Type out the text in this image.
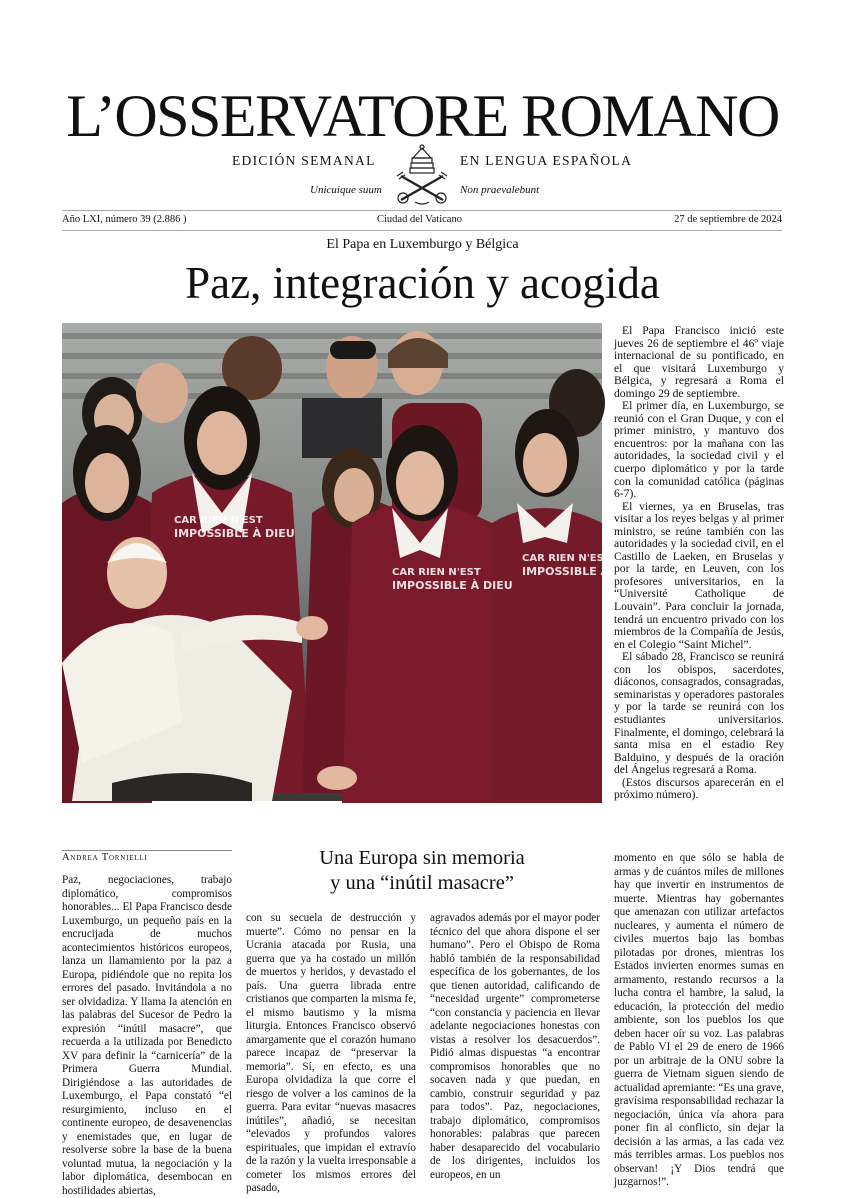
L’OSSERVATORE ROMANO
EDICIÓN SEMANAL	EN LENGUA ESPAÑOLA
Unicuique suum	Non praevalebunt
Año LXI, número 39 (2.886 )	Ciudad del Vaticano	27 de septiembre de 2024
El Papa en Luxemburgo y Bélgica
Paz, integración y acogida
CAR RIEN N'EST
IMPOSSIBLE À DIEU
CAR RIEN N'EST
IMPOSSIBLE À DIEU
CAR RIEN N'EST
IMPOSSIBLE À DIEU

El Papa Francisco inició este jueves 26 de septiembre el 46º viaje internacional de su pontificado, en el que visitará Luxemburgo y Bélgica, y regresará a Roma el domingo 29 de septiembre.

El primer día, en Luxemburgo, se reunió con el Gran Duque, y con el primer ministro, y mantuvo dos encuentros: por la mañana con las autoridades, la sociedad civil y el cuerpo diplomático y por la tarde con la comunidad católica (páginas 6-7).

El viernes, ya en Bruselas, tras visitar a los reyes belgas y al primer ministro, se reúne también con las autoridades y la sociedad civil, en el Castillo de Laeken, en Bruselas y por la tarde, en Leuven, con los profesores universitarios, en la “Université Catholique de Louvain”. Para concluir la jornada, tendrá un encuentro privado con los miembros de la Compañía de Jesús, en el Colegio “Saint Michel”.

El sábado 28, Francisco se reunirá con los obispos, sacerdotes, diáconos, consagrados, consagradas, seminaristas y operadores pastorales y por la tarde se reunirá con los estudiantes universitarios. Finalmente, el domingo, celebrará la santa misa en el estadio Rey Balduino, y después de la oración del Ángelus regresará a Roma.

(Estos discursos aparecerán en el próximo número).

Andrea Tornielli	Una Europa sin memoria
y una “inútil masacre”
Paz, negociaciones, trabajo diplomático, compromisos honorables... El Papa Francisco desde Luxemburgo, un pequeño país en la encrucijada de muchos acontecimientos históricos europeos, lanza un llamamiento por la paz a Europa, pidiéndole que no repita los errores del pasado. Invitándola a no ser olvidadiza. Y llama la atención en las palabras del Sucesor de Pedro la expresión “inútil masacre”, que recuerda a la utilizada por Benedicto XV para definir la “carnicería” de la Primera Guerra Mundial. Dirigiéndose a las autoridades de Luxemburgo, el Papa constató “el resurgimiento, incluso en el continente europeo, de desavenencias y enemistades que, en lugar de resolverse sobre la base de la buena voluntad mutua, la negociación y la labor diplomática, desembocan en hostilidades abiertas,
con su secuela de destrucción y muerte”. Cómo no pensar en la Ucrania atacada por Rusia, una guerra que ya ha costado un millón de muertos y heridos, y devastado el país. Una guerra librada entre cristianos que comparten la misma fe, el mismo bautismo y la misma liturgia. Entonces Francisco observó amargamente que el corazón humano parece incapaz de “preservar la memoria”. Sí, en efecto, es una Europa olvidadiza la que corre el riesgo de volver a los caminos de la guerra. Para evitar “nuevas masacres inútiles”, añadió, se necesitan “elevados y profundos valores espirituales, que impidan el extravío de la razón y la vuelta irresponsable a cometer los mismos errores del pasado,
agravados además por el mayor poder técnico del que ahora dispone el ser humano”. Pero el Obispo de Roma habló también de la responsabilidad específica de los gobernantes, de los que tienen autoridad, calificando de “necesidad urgente” comprometerse “con constancia y paciencia en llevar adelante negociaciones honestas con vistas a resolver los desacuerdos”. Pidió almas dispuestas “a encontrar compromisos honorables que no socaven nada y que puedan, en cambio, construir seguridad y paz para todos”. Paz, negociaciones, trabajo diplomático, compromisos honorables: palabras que parecen haber desaparecido del vocabulario de los dirigentes, incluidos los europeos, en un
momento en que sólo se habla de armas y de cuántos miles de millones hay que invertir en instrumentos de muerte. Mientras hay gobernantes que amenazan con utilizar artefactos nucleares, y aumenta el número de civiles muertos bajo las bombas pilotadas por drones, mientras los Estados invierten enormes sumas en armamento, restando recursos a la lucha contra el hambre, la salud, la educación, la protección del medio ambiente, son los pueblos los que deben hacer oír su voz. Las palabras de Pablo VI el 29 de enero de 1966 por un arbitraje de la ONU sobre la guerra de Vietnam siguen siendo de actualidad apremiante: “Es una grave, gravísima responsabilidad rechazar la negociación, única vía ahora para poner fin al conflicto, sin dejar la decisión a las armas, a las cada vez más terribles armas. Los pueblos nos observan! ¡Y Dios tendrá que juzgarnos!”.
